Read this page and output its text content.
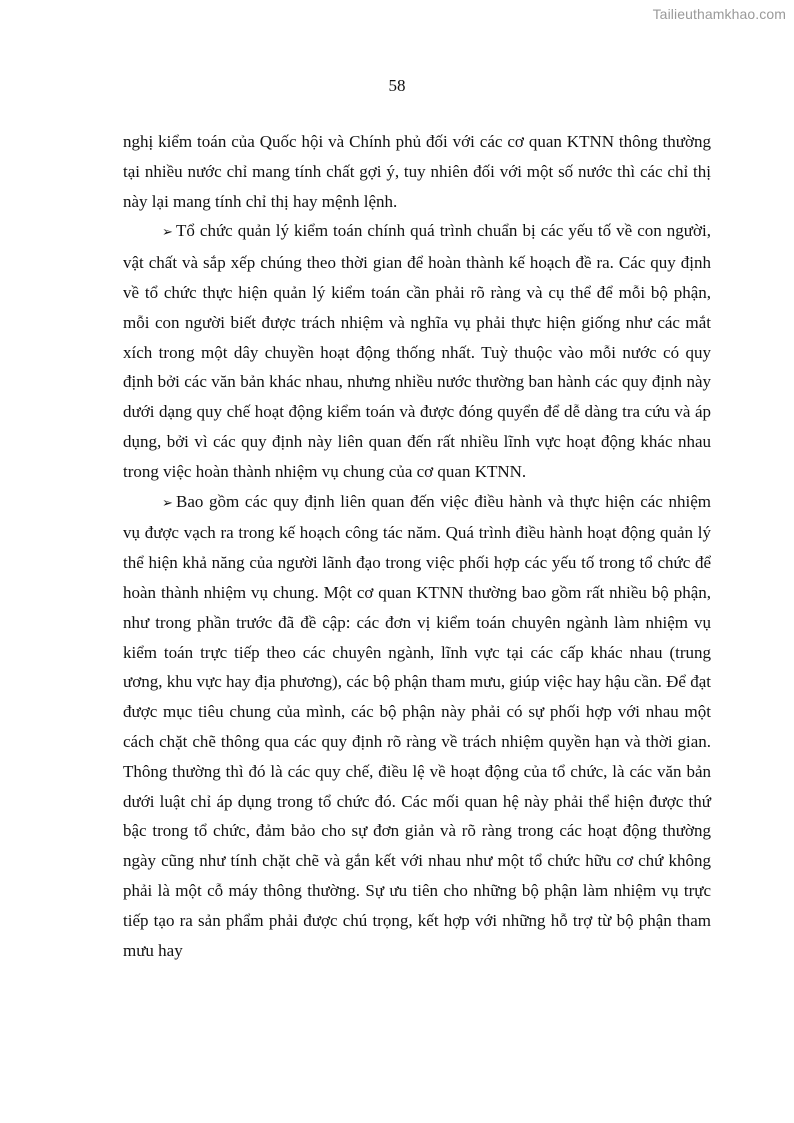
Tailieuthamkhao.com
58

nghị kiểm toán của Quốc hội và Chính phủ đối với các cơ quan KTNN thông thường tại nhiều nước chỉ mang tính chất gợi ý, tuy nhiên đối với một số nước thì các chỉ thị này lại mang tính chỉ thị hay mệnh lệnh.

➢ Tổ chức quản lý kiểm toán chính quá trình chuẩn bị các yếu tố về con người, vật chất và sắp xếp chúng theo thời gian để hoàn thành kế hoạch đề ra. Các quy định về tổ chức thực hiện quản lý kiểm toán cần phải rõ ràng và cụ thể để mỗi bộ phận, mỗi con người biết được trách nhiệm và nghĩa vụ phải thực hiện giống như các mắt xích trong một dây chuyền hoạt động thống nhất. Tuỳ thuộc vào mỗi nước có quy định bởi các văn bản khác nhau, nhưng nhiều nước thường ban hành các quy định này dưới dạng quy chế hoạt động kiểm toán và được đóng quyển để dễ dàng tra cứu và áp dụng, bởi vì các quy định này liên quan đến rất nhiều lĩnh vực hoạt động khác nhau trong việc hoàn thành nhiệm vụ chung của cơ quan KTNN.

➢ Bao gồm các quy định liên quan đến việc điều hành và thực hiện các nhiệm vụ được vạch ra trong kế hoạch công tác năm. Quá trình điều hành hoạt động quản lý thể hiện khả năng của người lãnh đạo trong việc phối hợp các yếu tố trong tổ chức để hoàn thành nhiệm vụ chung. Một cơ quan KTNN thường bao gồm rất nhiều bộ phận, như trong phần trước đã đề cập: các đơn vị kiểm toán chuyên ngành làm nhiệm vụ kiểm toán trực tiếp theo các chuyên ngành, lĩnh vực tại các cấp khác nhau (trung ương, khu vực hay địa phương), các bộ phận tham mưu, giúp việc hay hậu cần. Để đạt được mục tiêu chung của mình, các bộ phận này phải có sự phối hợp với nhau một cách chặt chẽ thông qua các quy định rõ ràng về trách nhiệm quyền hạn và thời gian. Thông thường thì đó là các quy chế, điều lệ về hoạt động của tổ chức, là các văn bản dưới luật chỉ áp dụng trong tổ chức đó. Các mối quan hệ này phải thể hiện được thứ bậc trong tổ chức, đảm bảo cho sự đơn giản và rõ ràng trong các hoạt động thường ngày cũng như tính chặt chẽ và gắn kết với nhau như một tổ chức hữu cơ chứ không phải là một cỗ máy thông thường. Sự ưu tiên cho những bộ phận làm nhiệm vụ trực tiếp tạo ra sản phẩm phải được chú trọng, kết hợp với những hỗ trợ từ bộ phận tham mưu hay
